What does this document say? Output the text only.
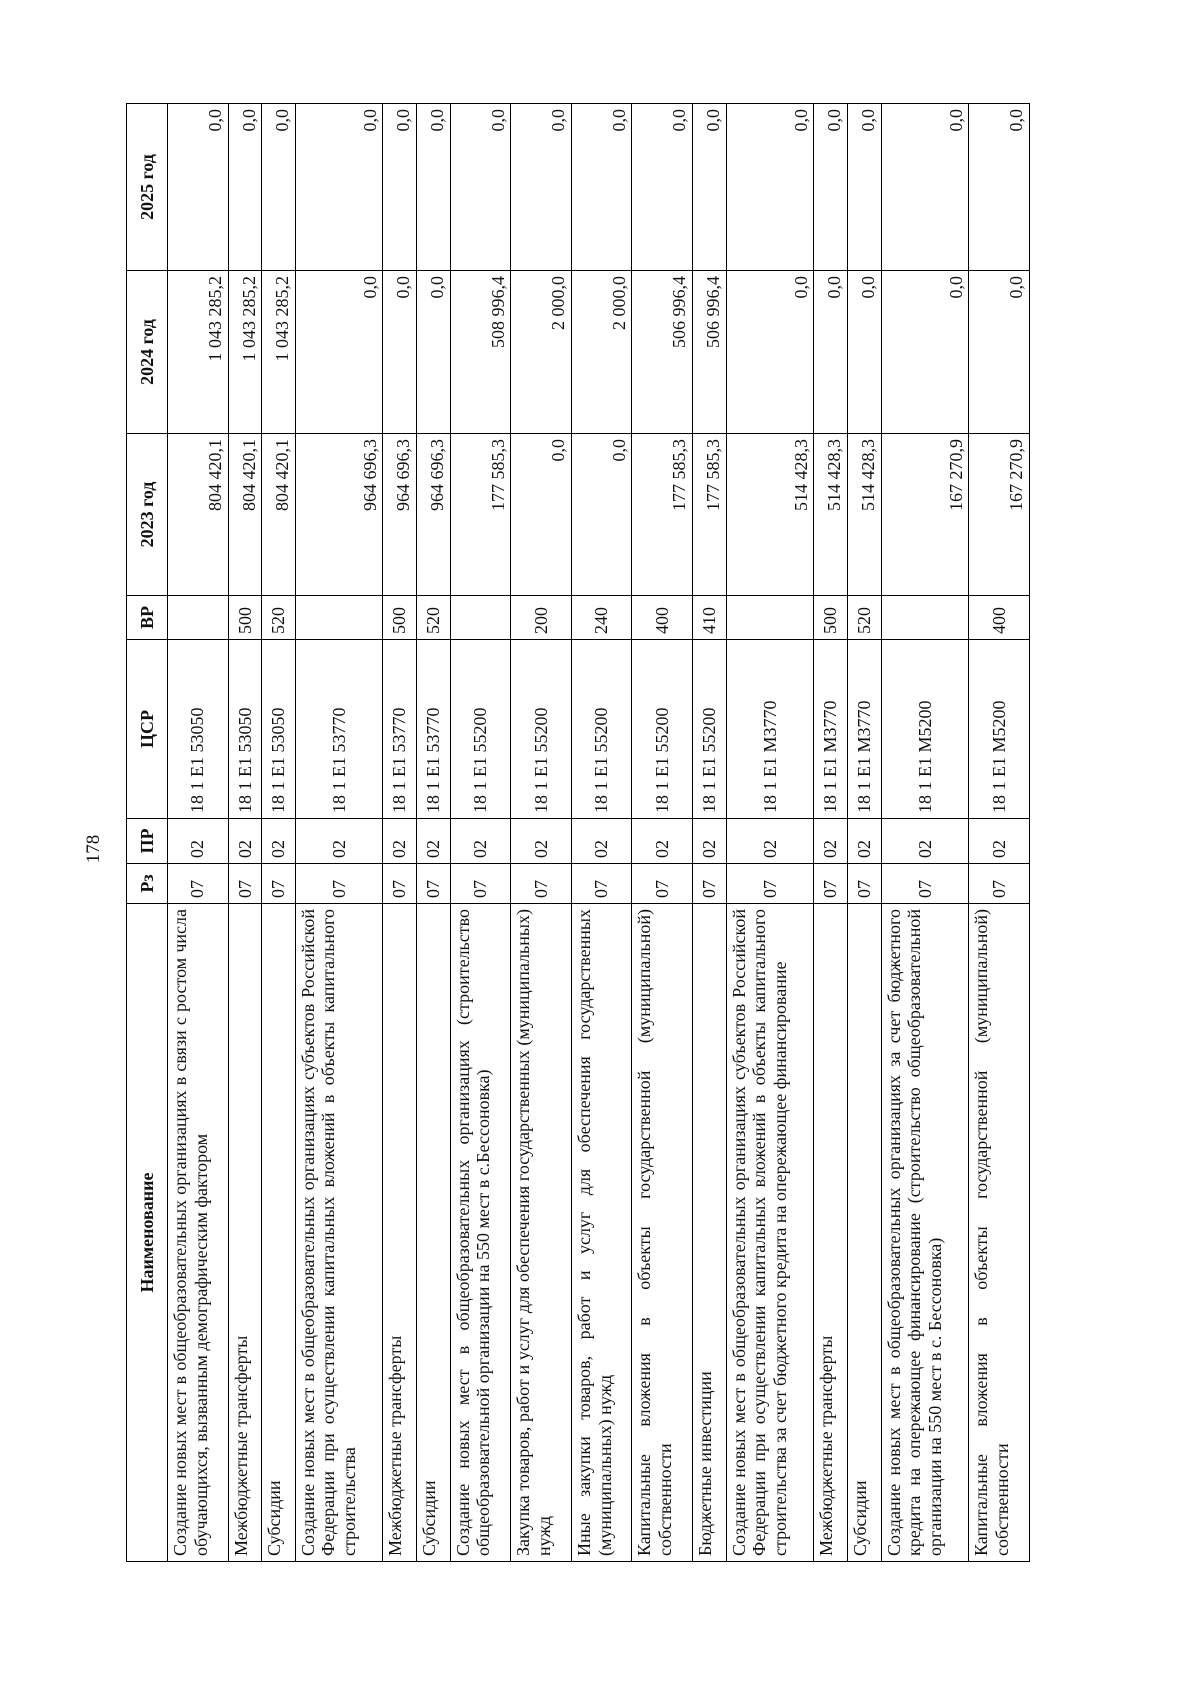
178
Наименование	Рз	ПР	ЦСР	ВР	2023 год	2024 год	2025 год
Создание новых мест в общеобразовательных организациях в связи с ростом числа обучающихся, вызванным демографическим фактором	07	02	18 1 E1 53050		804 420,1	1 043 285,2	0,0
Межбюджетные трансферты	07	02	18 1 E1 53050	500	804 420,1	1 043 285,2	0,0
Субсидии	07	02	18 1 E1 53050	520	804 420,1	1 043 285,2	0,0
Создание новых мест в общеобразовательных организациях субъектов Российской Федерации при осуществлении капитальных вложений в объекты капитального строительства	07	02	18 1 E1 53770		964 696,3	0,0	0,0
Межбюджетные трансферты	07	02	18 1 E1 53770	500	964 696,3	0,0	0,0
Субсидии	07	02	18 1 E1 53770	520	964 696,3	0,0	0,0
Создание новых мест в общеобразовательных организациях (строительство общеобразовательной организации на 550 мест в с.Бессоновка)	07	02	18 1 E1 55200		177 585,3	508 996,4	0,0
Закупка товаров, работ и услуг для обеспечения государственных (муниципальных) нужд	07	02	18 1 E1 55200	200	0,0	2 000,0	0,0
Иные закупки товаров, работ и услуг для обеспечения государственных (муниципальных) нужд	07	02	18 1 E1 55200	240	0,0	2 000,0	0,0
Капитальные вложения в объекты государственной (муниципальной) собственности	07	02	18 1 E1 55200	400	177 585,3	506 996,4	0,0
Бюджетные инвестиции	07	02	18 1 E1 55200	410	177 585,3	506 996,4	0,0
Создание новых мест в общеобразовательных организациях субъектов Российской Федерации при осуществлении капитальных вложений в объекты капитального строительства за счет бюджетного кредита на опережающее финансирование	07	02	18 1 E1 M3770		514 428,3	0,0	0,0
Межбюджетные трансферты	07	02	18 1 E1 M3770	500	514 428,3	0,0	0,0
Субсидии	07	02	18 1 E1 M3770	520	514 428,3	0,0	0,0
Создание новых мест в общеобразовательных организациях за счет бюджетного кредита на опережающее финансирование (строительство общеобразовательной организации на 550 мест в с. Бессоновка)	07	02	18 1 E1 M5200		167 270,9	0,0	0,0
Капитальные вложения в объекты государственной (муниципальной) собственности	07	02	18 1 E1 M5200	400	167 270,9	0,0	0,0
